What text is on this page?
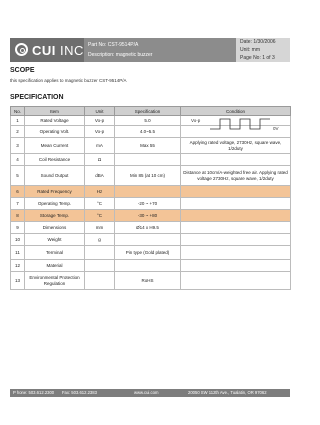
CUI INC Part No: CST-9514P/A
Description: magnetic buzzer
Date: 1/30/2006
Unit: mm
Page No: 1 of 3
SCOPE
this specification applies to magnetic buzzer CST-9514P/A
SPECIFICATION
No.	Item	Unit	Specification	Condition
1	Rated Voltage	Vo-p	5.0	
2	Operating Volt.	Vo-p	4.0~5.5	
3	Mean Current	mA	Max 55	Applying rated voltage, 2730Hz, square wave, 1/2duty
4	Coil Resistance	Ω		
5	Sound Output	dBA	Min 85 (at 10 cm)	Distance at 10cm/A-weighted free air. Applying rated voltage 2730Hz, square wave, 1/2duty
6	Rated Frequency	Hz		
7	Operating Temp.	°C	-20 ~ +70	
8	Storage Temp.	°C	-30 ~ +80	
9	Dimensions	mm	Ø14 x H9.5	
10	Weight	g		
11	Terminal		Pin type (Gold plated)	
12	Material			
13	Environmental Protection Regulation		RoHS	
Vo-p
0V
P hone: 503.612.2300 Fax: 503.612.2383	www.cui.com	20050 SW 112th Ave., Tualatin, OR 97062
